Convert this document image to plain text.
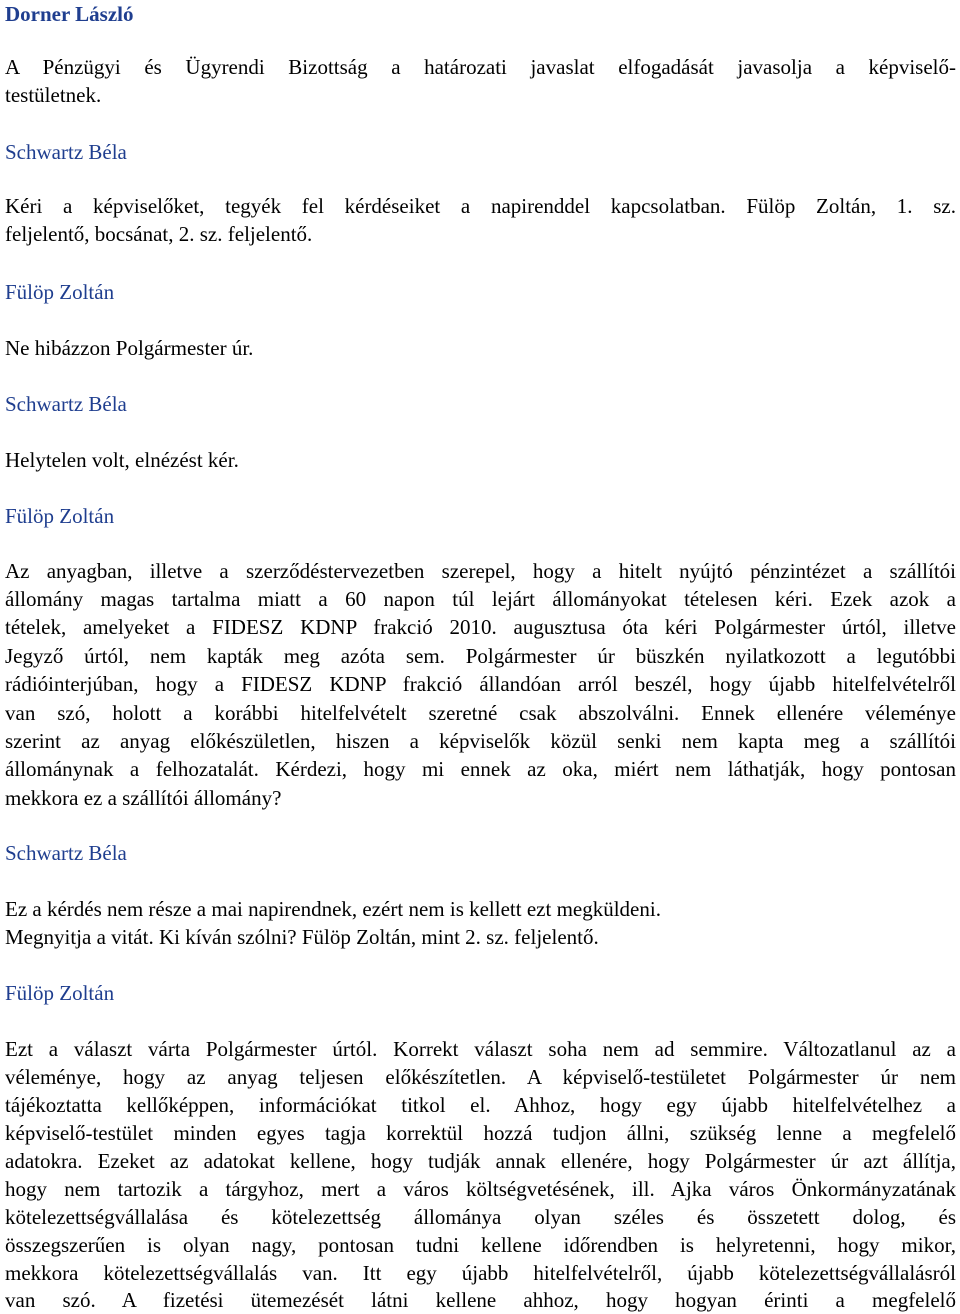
Dorner László
A Pénzügyi és Ügyrendi Bizottság a határozati javaslat elfogadását javasolja a képviselő-
testületnek.
Schwartz Béla
Kéri a képviselőket, tegyék fel kérdéseiket a napirenddel kapcsolatban. Fülöp Zoltán, 1. sz.
feljelentő, bocsánat, 2. sz. feljelentő.
Fülöp Zoltán
Ne hibázzon Polgármester úr.
Schwartz Béla
Helytelen volt, elnézést kér.
Fülöp Zoltán
Az anyagban, illetve a szerződéstervezetben szerepel, hogy a hitelt nyújtó pénzintézet a szállítói
állomány magas tartalma miatt a 60 napon túl lejárt állományokat tételesen kéri. Ezek azok a
tételek, amelyeket a FIDESZ KDNP frakció 2010. augusztusa óta kéri Polgármester úrtól, illetve
Jegyző úrtól, nem kapták meg azóta sem. Polgármester úr büszkén nyilatkozott a legutóbbi
rádióinterjúban, hogy a FIDESZ KDNP frakció állandóan arról beszél, hogy újabb hitelfelvételről
van szó, holott a korábbi hitelfelvételt szeretné csak abszolválni. Ennek ellenére véleménye
szerint az anyag előkészületlen, hiszen a képviselők közül senki nem kapta meg a szállítói
állománynak a felhozatalát. Kérdezi, hogy mi ennek az oka, miért nem láthatják, hogy pontosan
mekkora ez a szállítói állomány?
Schwartz Béla
Ez a kérdés nem része a mai napirendnek, ezért nem is kellett ezt megküldeni.
Megnyitja a vitát. Ki kíván szólni? Fülöp Zoltán, mint 2. sz. feljelentő.
Fülöp Zoltán
Ezt a választ várta Polgármester úrtól. Korrekt választ soha nem ad semmire. Változatlanul az a
véleménye, hogy az anyag teljesen előkészítetlen. A képviselő-testületet Polgármester úr nem
tájékoztatta kellőképpen, információkat titkol el. Ahhoz, hogy egy újabb hitelfelvételhez a
képviselő-testület minden egyes tagja korrektül hozzá tudjon állni, szükség lenne a megfelelő
adatokra. Ezeket az adatokat kellene, hogy tudják annak ellenére, hogy Polgármester úr azt állítja,
hogy nem tartozik a tárgyhoz, mert a város költségvetésének, ill. Ajka város Önkormányzatának
kötelezettségvállalása és kötelezettség állománya olyan széles és összetett dolog, és
összegszerűen is olyan nagy, pontosan tudni kellene időrendben is helyretenni, hogy mikor,
mekkora kötelezettségvállalás van. Itt egy újabb hitelfelvételről, újabb kötelezettségvállalásról
van szó. A fizetési ütemezését látni kellene ahhoz, hogy hogyan érinti a megfelelő
